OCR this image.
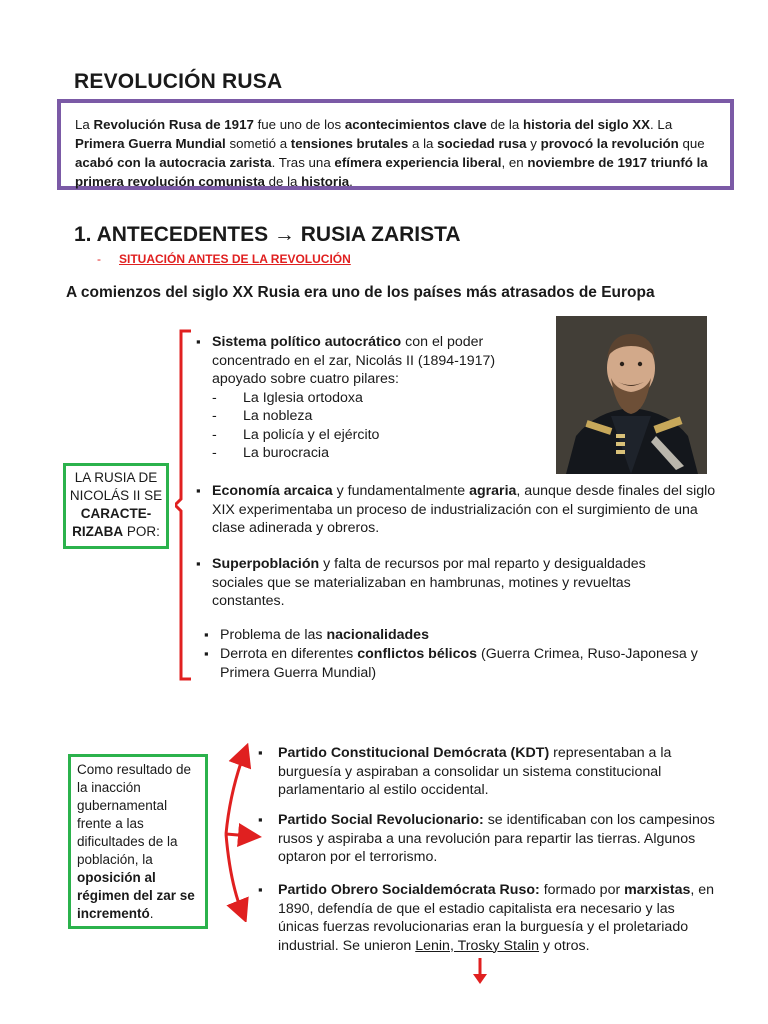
REVOLUCIÓN RUSA
La Revolución Rusa de 1917 fue uno de los acontecimientos clave de la historia del siglo XX. La Primera Guerra Mundial sometió a tensiones brutales a la sociedad rusa y provocó la revolución que acabó con la autocracia zarista. Tras una efímera experiencia liberal, en noviembre de 1917 triunfó la primera revolución comunista de la historia.
1. ANTECEDENTES → RUSIA ZARISTA
- SITUACIÓN ANTES DE LA REVOLUCIÓN
A comienzos del siglo XX Rusia era uno de los países más atrasados de Europa
▪ Sistema político autocrático con el poder concentrado en el zar, Nicolás II (1894-1917) apoyado sobre cuatro pilares:
- La Iglesia ortodoxa
- La nobleza
- La policía y el ejército
- La burocracia
▪ Economía arcaica y fundamentalmente agraria, aunque desde finales del siglo XIX experimentaba un proceso de industrialización con el surgimiento de una clase adinerada y obreros.
▪ Superpoblación y falta de recursos por mal reparto y desigualdades sociales que se materializaban en hambrunas, motines y revueltas constantes.
▪ Problema de las nacionalidades
▪ Derrota en diferentes conflictos bélicos (Guerra Crimea, Ruso-Japonesa y Primera Guerra Mundial)
LA RUSIA DE
NICOLÁS II SE
CARACTE-
RIZABA POR:
Como resultado de la inacción gubernamental frente a las dificultades de la población, la oposición al régimen del zar se incrementó.
▪ Partido Constitucional Demócrata (KDT) representaban a la burguesía y aspiraban a consolidar un sistema constitucional parlamentario al estilo occidental.
▪ Partido Social Revolucionario: se identificaban con los campesinos rusos y aspiraba a una revolución para repartir las tierras. Algunos optaron por el terrorismo.
▪ Partido Obrero Socialdemócrata Ruso: formado por marxistas, en 1890, defendía de que el estadio capitalista era necesario y las únicas fuerzas revolucionarias eran la burguesía y el proletariado industrial. Se unieron Lenin, Trosky Stalin y otros.
